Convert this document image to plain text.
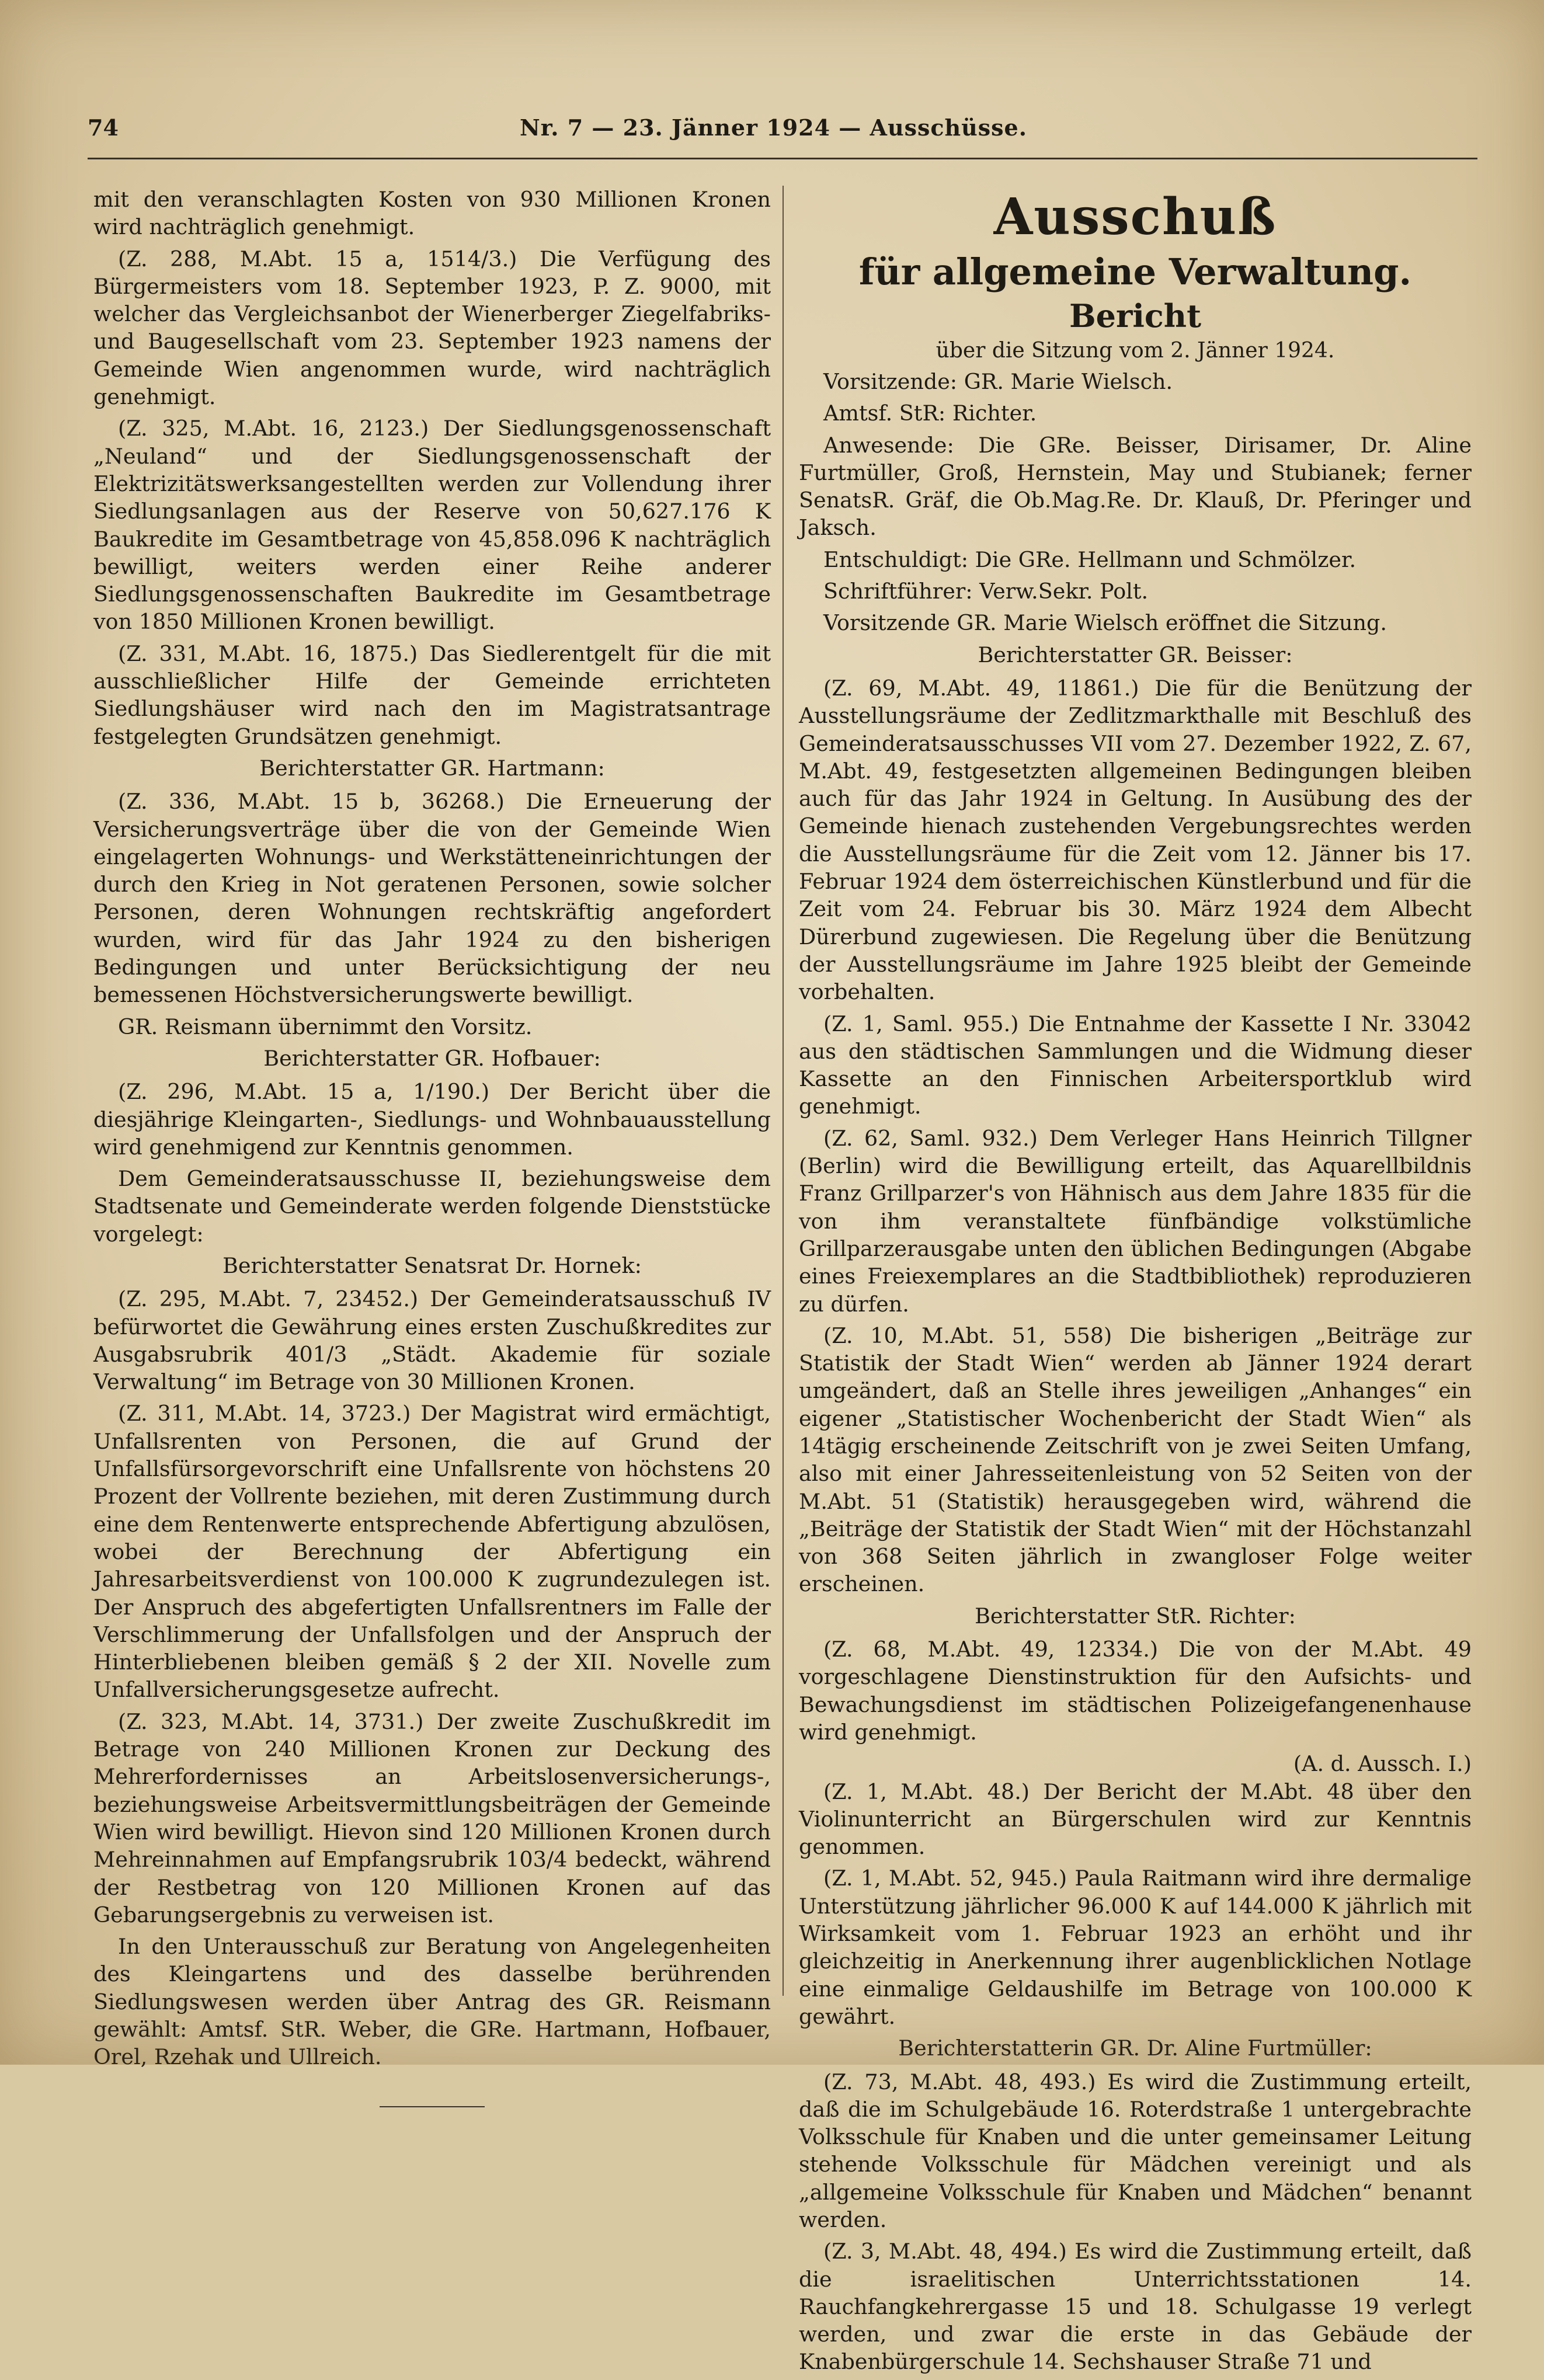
74	Nr. 7 — 23. Jänner 1924 — Ausschüsse.

mit den veranschlagten Kosten von 930 Millionen Kronen wird nachträglich genehmigt.

(Z. 288, M.Abt. 15 a, 1514/3.) Die Verfügung des Bürgermeisters vom 18. September 1923, P. Z. 9000, mit welcher das Vergleichsanbot der Wienerberger Ziegelfabriks- und Baugesellschaft vom 23. September 1923 namens der Gemeinde Wien angenommen wurde, wird nachträglich genehmigt.

(Z. 325, M.Abt. 16, 2123.) Der Siedlungsgenossenschaft „Neuland“ und der Siedlungsgenossenschaft der Elektrizitätswerksangestellten werden zur Vollendung ihrer Siedlungsanlagen aus der Reserve von 50,627.176 K Baukredite im Gesamtbetrage von 45,858.096 K nachträglich bewilligt, weiters werden einer Reihe anderer Siedlungsgenossenschaften Baukredite im Gesamtbetrage von 1850 Millionen Kronen bewilligt.

(Z. 331, M.Abt. 16, 1875.) Das Siedlerentgelt für die mit ausschließlicher Hilfe der Gemeinde errichteten Siedlungshäuser wird nach den im Magistratsantrage festgelegten Grundsätzen genehmigt.

Berichterstatter GR. Hartmann:

(Z. 336, M.Abt. 15 b, 36268.) Die Erneuerung der Versicherungsverträge über die von der Gemeinde Wien eingelagerten Wohnungs- und Werkstätteneinrichtungen der durch den Krieg in Not geratenen Personen, sowie solcher Personen, deren Wohnungen rechtskräftig angefordert wurden, wird für das Jahr 1924 zu den bisherigen Bedingungen und unter Berücksichtigung der neu bemessenen Höchstversicherungswerte bewilligt.

GR. Reismann übernimmt den Vorsitz.

Berichterstatter GR. Hofbauer:

(Z. 296, M.Abt. 15 a, 1/190.) Der Bericht über die diesjährige Kleingarten-, Siedlungs- und Wohnbauausstellung wird genehmigend zur Kenntnis genommen.

Dem Gemeinderatsausschusse II, beziehungsweise dem Stadtsenate und Gemeinderate werden folgende Dienststücke vorgelegt:

Berichterstatter Senatsrat Dr. Hornek:

(Z. 295, M.Abt. 7, 23452.) Der Gemeinderatsausschuß IV befürwortet die Gewährung eines ersten Zuschußkredites zur Ausgabsrubrik 401/3 „Städt. Akademie für soziale Verwaltung“ im Betrage von 30 Millionen Kronen.

(Z. 311, M.Abt. 14, 3723.) Der Magistrat wird ermächtigt, Unfallsrenten von Personen, die auf Grund der Unfallsfürsorgevorschrift eine Unfallsrente von höchstens 20 Prozent der Vollrente beziehen, mit deren Zustimmung durch eine dem Rentenwerte entsprechende Abfertigung abzulösen, wobei der Berechnung der Abfertigung ein Jahresarbeitsverdienst von 100.000 K zugrundezulegen ist. Der Anspruch des abgefertigten Unfallsrentners im Falle der Verschlimmerung der Unfallsfolgen und der Anspruch der Hinterbliebenen bleiben gemäß § 2 der XII. Novelle zum Unfallversicherungsgesetze aufrecht.

(Z. 323, M.Abt. 14, 3731.) Der zweite Zuschußkredit im Betrage von 240 Millionen Kronen zur Deckung des Mehrerfordernisses an Arbeitslosenversicherungs-, beziehungsweise Arbeitsvermittlungsbeiträgen der Gemeinde Wien wird bewilligt. Hievon sind 120 Millionen Kronen durch Mehreinnahmen auf Empfangsrubrik 103/4 bedeckt, während der Restbetrag von 120 Millionen Kronen auf das Gebarungsergebnis zu verweisen ist.

In den Unterausschuß zur Beratung von Angelegenheiten des Kleingartens und des dasselbe berührenden Siedlungswesen werden über Antrag des GR. Reismann gewählt: Amtsf. StR. Weber, die GRe. Hartmann, Hofbauer, Orel, Rzehak und Ullreich.

Ausschuß
für allgemeine Verwaltung.
Bericht
über die Sitzung vom 2. Jänner 1924.

Vorsitzende: GR. Marie Wielsch.

Amtsf. StR: Richter.

Anwesende: Die GRe. Beisser, Dirisamer, Dr. Aline Furtmüller, Groß, Hernstein, May und Stubianek; ferner SenatsR. Gräf, die Ob.Mag.Re. Dr. Klauß, Dr. Pferinger und Jaksch.

Entschuldigt: Die GRe. Hellmann und Schmölzer.

Schriftführer: Verw.Sekr. Polt.

Vorsitzende GR. Marie Wielsch eröffnet die Sitzung.

Berichterstatter GR. Beisser:

(Z. 69, M.Abt. 49, 11861.) Die für die Benützung der Ausstellungsräume der Zedlitzmarkthalle mit Beschluß des Gemeinderatsausschusses VII vom 27. Dezember 1922, Z. 67, M.Abt. 49, festgesetzten allgemeinen Bedingungen bleiben auch für das Jahr 1924 in Geltung. In Ausübung des der Gemeinde hienach zustehenden Vergebungsrechtes werden die Ausstellungsräume für die Zeit vom 12. Jänner bis 17. Februar 1924 dem österreichischen Künstlerbund und für die Zeit vom 24. Februar bis 30. März 1924 dem Albecht Dürerbund zugewiesen. Die Regelung über die Benützung der Ausstellungsräume im Jahre 1925 bleibt der Gemeinde vorbehalten.

(Z. 1, Saml. 955.) Die Entnahme der Kassette I Nr. 33042 aus den städtischen Sammlungen und die Widmung dieser Kassette an den Finnischen Arbeitersportklub wird genehmigt.

(Z. 62, Saml. 932.) Dem Verleger Hans Heinrich Tillgner (Berlin) wird die Bewilligung erteilt, das Aquarellbildnis Franz Grillparzer's von Hähnisch aus dem Jahre 1835 für die von ihm veranstaltete fünfbändige volkstümliche Grillparzerausgabe unten den üblichen Bedingungen (Abgabe eines Freiexemplares an die Stadtbibliothek) reproduzieren zu dürfen.

(Z. 10, M.Abt. 51, 558) Die bisherigen „Beiträge zur Statistik der Stadt Wien“ werden ab Jänner 1924 derart umgeändert, daß an Stelle ihres jeweiligen „Anhanges“ ein eigener „Statistischer Wochenbericht der Stadt Wien“ als 14tägig erscheinende Zeitschrift von je zwei Seiten Umfang, also mit einer Jahresseitenleistung von 52 Seiten von der M.Abt. 51 (Statistik) herausgegeben wird, während die „Beiträge der Statistik der Stadt Wien“ mit der Höchstanzahl von 368 Seiten jährlich in zwangloser Folge weiter erscheinen.

Berichterstatter StR. Richter:

(Z. 68, M.Abt. 49, 12334.) Die von der M.Abt. 49 vorgeschlagene Dienstinstruktion für den Aufsichts- und Bewachungsdienst im städtischen Polizeigefangenenhause wird genehmigt.

(A. d. Aussch. I.)

(Z. 1, M.Abt. 48.) Der Bericht der M.Abt. 48 über den Violinunterricht an Bürgerschulen wird zur Kenntnis genommen.

(Z. 1, M.Abt. 52, 945.) Paula Raitmann wird ihre dermalige Unterstützung jährlicher 96.000 K auf 144.000 K jährlich mit Wirksamkeit vom 1. Februar 1923 an erhöht und ihr gleichzeitig in Anerkennung ihrer augenblicklichen Notlage eine einmalige Geldaushilfe im Betrage von 100.000 K gewährt.

Berichterstatterin GR. Dr. Aline Furtmüller:

(Z. 73, M.Abt. 48, 493.) Es wird die Zustimmung erteilt, daß die im Schulgebäude 16. Roterdstraße 1 untergebrachte Volksschule für Knaben und die unter gemeinsamer Leitung stehende Volksschule für Mädchen vereinigt und als „allgemeine Volksschule für Knaben und Mädchen“ benannt werden.

(Z. 3, M.Abt. 48, 494.) Es wird die Zustimmung erteilt, daß die israelitischen Unterrichtsstationen 14. Rauchfangkehrergasse 15 und 18. Schulgasse 19 verlegt werden, und zwar die erste in das Gebäude der Knabenbürgerschule 14. Sechshauser Straße 71 und
